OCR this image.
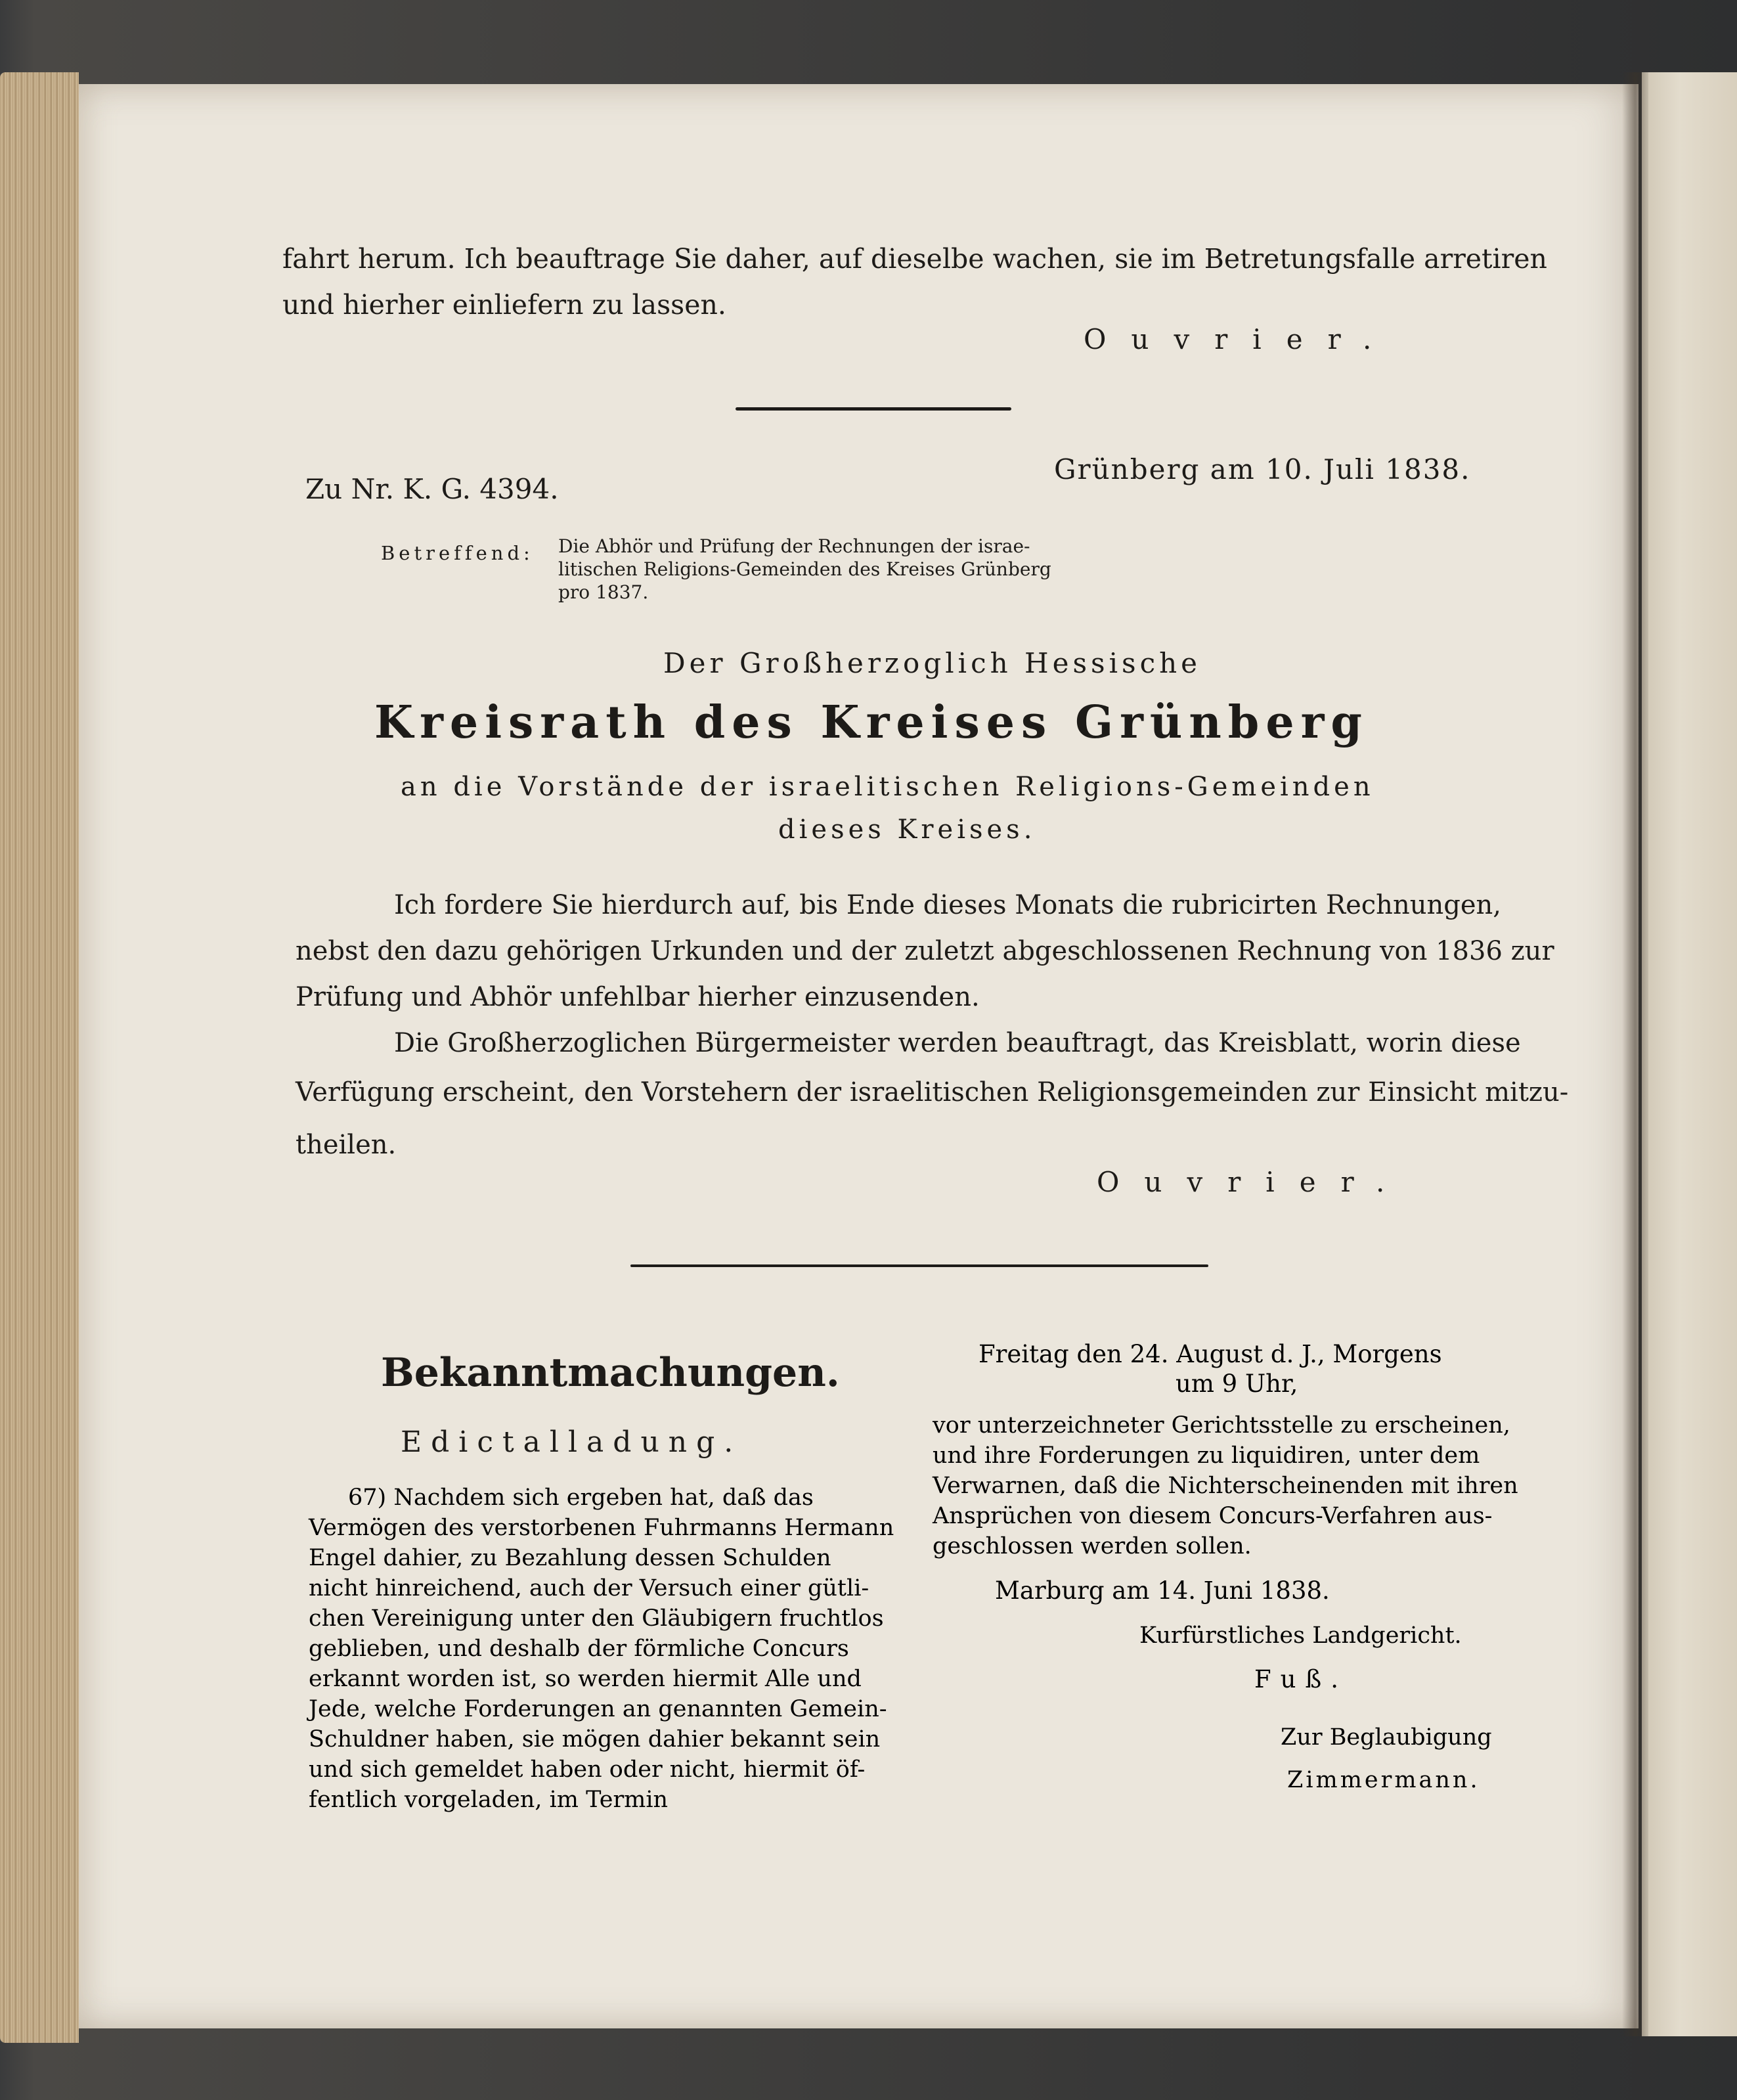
fahrt herum. Ich beauftrage Sie daher, auf dieselbe wachen, sie im Betretungsfalle arretiren
und hierher einliefern zu lassen.
Ouvrier.
Zu Nr. K. G. 4394.
Grünberg am 10. Juli 1838.
Betreffend: Die Abhör und Prüfung der Rechnungen der israe-
litischen Religions-Gemeinden des Kreises Grünberg
pro 1837.
Der Großherzoglich Hessische
Kreisrath des Kreises Grünberg
an die Vorstände der israelitischen Religions-Gemeinden
dieses Kreises.
Ich fordere Sie hierdurch auf, bis Ende dieses Monats die rubricirten Rechnungen,
nebst den dazu gehörigen Urkunden und der zuletzt abgeschlossenen Rechnung von 1836 zur
Prüfung und Abhör unfehlbar hierher einzusenden.
Die Großherzoglichen Bürgermeister werden beauftragt, das Kreisblatt, worin diese
Verfügung erscheint, den Vorstehern der israelitischen Religionsgemeinden zur Einsicht mitzu-
theilen.
Ouvrier.
Bekanntmachungen.
Edictalladung.
67) Nachdem sich ergeben hat, daß das
Vermögen des verstorbenen Fuhrmanns Hermann
Engel dahier, zu Bezahlung dessen Schulden
nicht hinreichend, auch der Versuch einer gütli-
chen Vereinigung unter den Gläubigern fruchtlos
geblieben, und deshalb der förmliche Concurs
erkannt worden ist, so werden hiermit Alle und
Jede, welche Forderungen an genannten Gemein-
Schuldner haben, sie mögen dahier bekannt sein
und sich gemeldet haben oder nicht, hiermit öf-
fentlich vorgeladen, im Termin
Freitag den 24. August d. J., Morgens
um 9 Uhr,
vor unterzeichneter Gerichtsstelle zu erscheinen,
und ihre Forderungen zu liquidiren, unter dem
Verwarnen, daß die Nichterscheinenden mit ihren
Ansprüchen von diesem Concurs-Verfahren aus-
geschlossen werden sollen.
Marburg am 14. Juni 1838.
Kurfürstliches Landgericht.
Fuß.
Zur Beglaubigung
Zimmermann.
